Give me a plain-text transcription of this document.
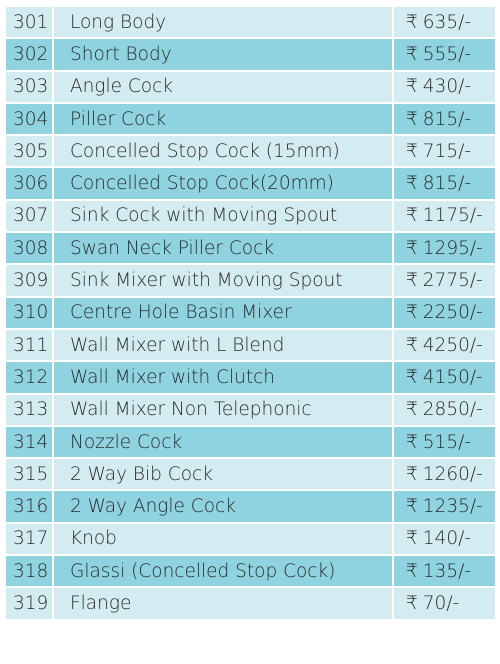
301	Long Body	₹ 635/-
302	Short Body	₹ 555/-
303	Angle Cock	₹ 430/-
304	Piller Cock	₹ 815/-
305	Concelled Stop Cock (15mm)	₹ 715/-
306	Concelled Stop Cock(20mm)	₹ 815/-
307	Sink Cock with Moving Spout	₹ 1175/-
308	Swan Neck Piller Cock	₹ 1295/-
309	Sink Mixer with Moving Spout	₹ 2775/-
310	Centre Hole Basin Mixer	₹ 2250/-
311	Wall Mixer with L Blend	₹ 4250/-
312	Wall Mixer with Clutch	₹ 4150/-
313	Wall Mixer Non Telephonic	₹ 2850/-
314	Nozzle Cock	₹ 515/-
315	2 Way Bib Cock	₹ 1260/-
316	2 Way Angle Cock	₹ 1235/-
317	Knob	₹ 140/-
318	Glassi (Concelled Stop Cock)	₹ 135/-
319	Flange	₹ 70/-
